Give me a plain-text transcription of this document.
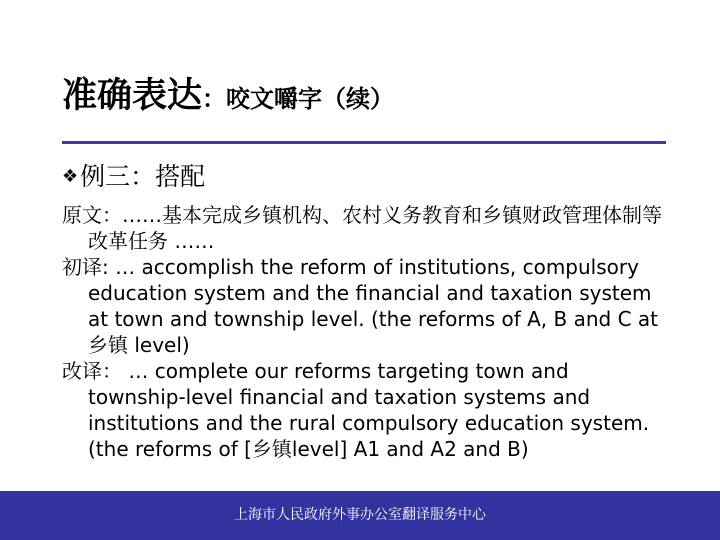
准确表达：咬文嚼字（续）
❖例三：搭配

原文：……基本完成乡镇机构、农村义务教育和乡镇财政管理体制等改革任务 ……

初译: … accomplish the reform of institutions, compulsory education system and the financial and taxation system at town and township level. (the reforms of A, B and C at 乡镇 level)

改译： … complete our reforms targeting town and township-level financial and taxation systems and institutions and the rural compulsory education system. (the reforms of [乡镇level] A1 and A2 and B)

上海市人民政府外事办公室翻译服务中心
